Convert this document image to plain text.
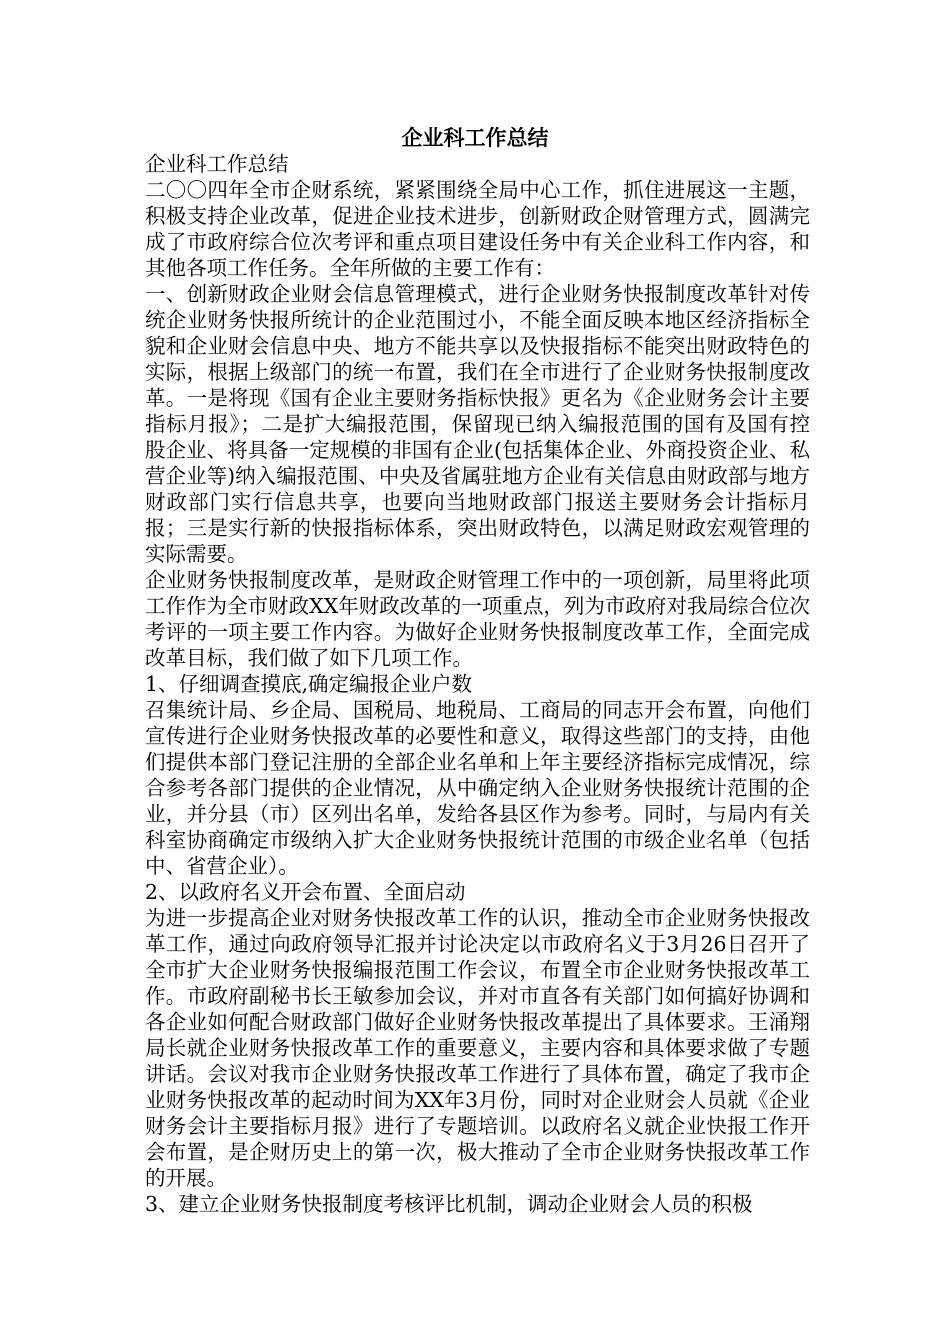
企业科工作总结

企业科工作总结

二〇〇四年全市企财系统，紧紧围绕全局中心工作，抓住进展这一主题，积极支持企业改革，促进企业技术进步，创新财政企财管理方式，圆满完成了市政府综合位次考评和重点项目建设任务中有关企业科工作内容，和其他各项工作任务。全年所做的主要工作有：

一、创新财政企业财会信息管理模式，进行企业财务快报制度改革针对传统企业财务快报所统计的企业范围过小，不能全面反映本地区经济指标全貌和企业财会信息中央、地方不能共享以及快报指标不能突出财政特色的实际，根据上级部门的统一布置，我们在全市进行了企业财务快报制度改革。一是将现《国有企业主要财务指标快报》更名为《企业财务会计主要指标月报》；二是扩大编报范围，保留现已纳入编报范围的国有及国有控股企业、将具备一定规模的非国有企业(包括集体企业、外商投资企业、私营企业等)纳入编报范围、中央及省属驻地方企业有关信息由财政部与地方财政部门实行信息共享，也要向当地财政部门报送主要财务会计指标月报；三是实行新的快报指标体系，突出财政特色，以满足财政宏观管理的实际需要。

企业财务快报制度改革，是财政企财管理工作中的一项创新，局里将此项工作作为全市财政XX年财政改革的一项重点，列为市政府对我局综合位次考评的一项主要工作内容。为做好企业财务快报制度改革工作，全面完成改革目标，我们做了如下几项工作。

1、仔细调查摸底,确定编报企业户数

召集统计局、乡企局、国税局、地税局、工商局的同志开会布置，向他们宣传进行企业财务快报改革的必要性和意义，取得这些部门的支持，由他们提供本部门登记注册的全部企业名单和上年主要经济指标完成情况，综合参考各部门提供的企业情况，从中确定纳入企业财务快报统计范围的企业，并分县（市）区列出名单，发给各县区作为参考。同时，与局内有关科室协商确定市级纳入扩大企业财务快报统计范围的市级企业名单（包括中、省营企业）。

2、以政府名义开会布置、全面启动

为进一步提高企业对财务快报改革工作的认识，推动全市企业财务快报改革工作，通过向政府领导汇报并讨论决定以市政府名义于3月26日召开了全市扩大企业财务快报编报范围工作会议，布置全市企业财务快报改革工作。市政府副秘书长王敏参加会议，并对市直各有关部门如何搞好协调和各企业如何配合财政部门做好企业财务快报改革提出了具体要求。王涌翔局长就企业财务快报改革工作的重要意义，主要内容和具体要求做了专题讲话。会议对我市企业财务快报改革工作进行了具体布置，确定了我市企业财务快报改革的起动时间为XX年3月份，同时对企业财会人员就《企业财务会计主要指标月报》进行了专题培训。以政府名义就企业快报工作开会布置，是企财历史上的第一次，极大推动了全市企业财务快报改革工作的开展。

3、建立企业财务快报制度考核评比机制，调动企业财会人员的积极
